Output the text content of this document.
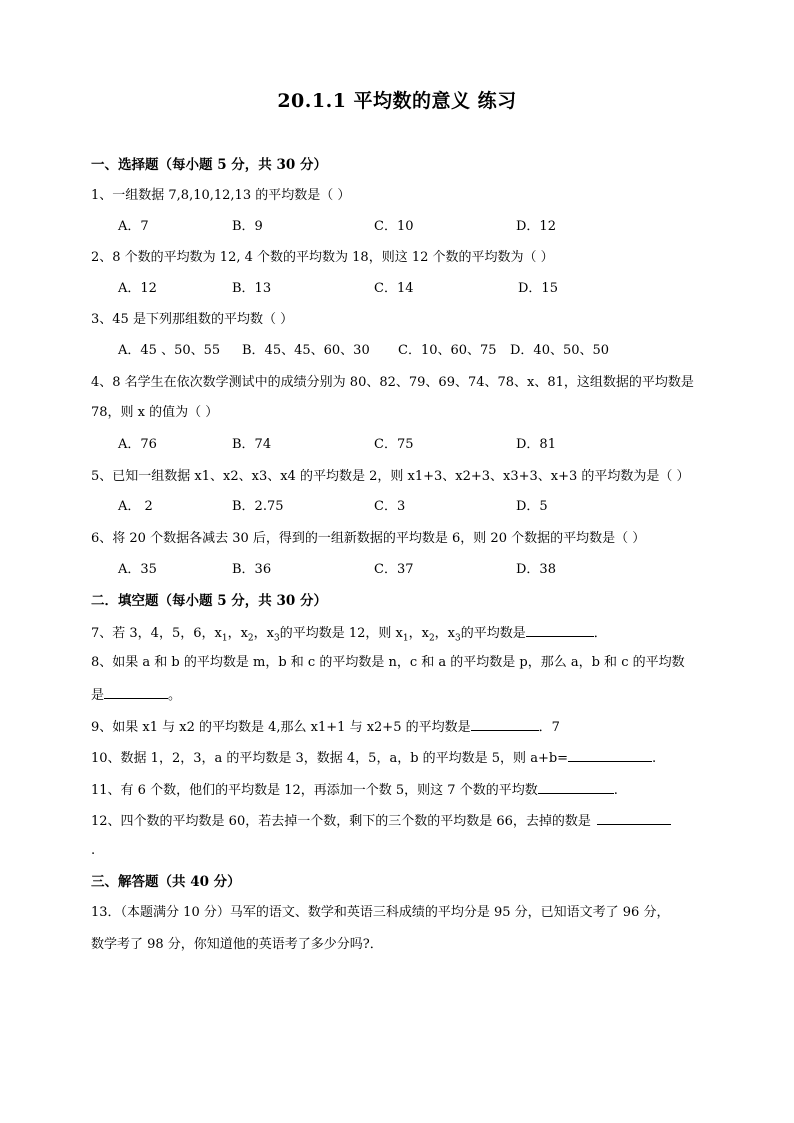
20.1.1 平均数的意义 练习
一、选择题（每小题 5 分，共 30 分）
1、一组数据 7,8,10,12,13 的平均数是（ ）
A．7	B．9	C．10	D．12
2、8 个数的平均数为 12, 4 个数的平均数为 18，则这 12 个数的平均数为（ ）
A．12	B．13	C．14	D．15
3、45 是下列那组数的平均数（ ）
A．45 、50、55 B．45、45、60、30 C．10、60、75 D．40、50、50
4、8 名学生在依次数学测试中的成绩分别为 80、82、79、69、74、78、x、81，这组数据的平均数是
78，则 x 的值为（ ）
A．76	B．74	C．75	D．81
5、已知一组数据 x1、x2、x3、x4 的平均数是 2，则 x1+3、x2+3、x3+3、x+3 的平均数为是（ ）
A． 2	B．2.75	C．3	D．5
6、将 20 个数据各减去 30 后，得到的一组新数据的平均数是 6，则 20 个数据的平均数是（ ）
A．35	B．36	C．37	D．38
二．填空题（每小题 5 分，共 30 分）
7、若 3，4，5，6，$x_1$，$x_2$，$x_3$的平均数是 12，则 $x_1$，$x_2$，$x_3$的平均数是	．
8、如果 a 和 b 的平均数是 m，b 和 c 的平均数是 n，c 和 a 的平均数是 p，那么 a，b 和 c 的平均数
是	。
9、如果 x1 与 x2 的平均数是 4,那么 x1+1 与 x2+5 的平均数是	．7
10、数据 1，2，3，a 的平均数是 3，数据 4，5，a，b 的平均数是 5，则 a+b=	.
11、有 6 个数，他们的平均数是 12，再添加一个数 5，则这 7 个数的平均数	.
12、四个数的平均数是 60，若去掉一个数，剩下的三个数的平均数是 66，去掉的数是
.
三、解答题（共 40 分）
13．（本题满分 10 分）马军的语文、数学和英语三科成绩的平均分是 95 分，已知语文考了 96 分，
数学考了 98 分，你知道他的英语考了多少分吗?．
